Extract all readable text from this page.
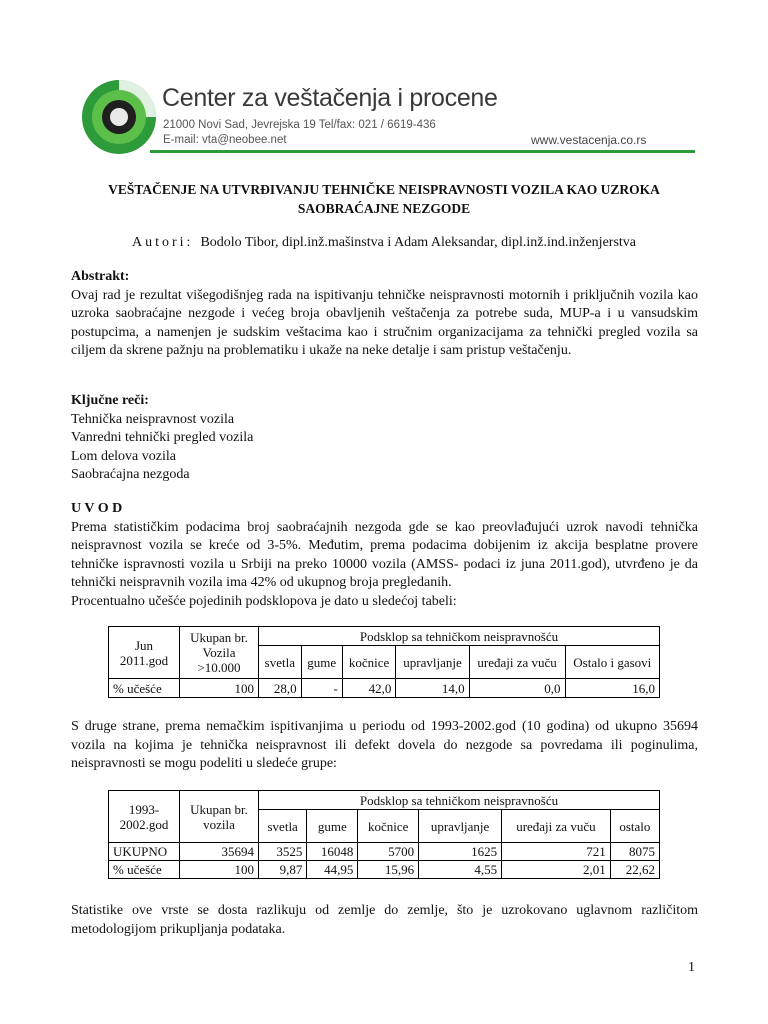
Center za veštačenja i procene
21000 Novi Sad, Jevrejska 19 Tel/fax: 021 / 6619-436
E-mail: vta@neobee.net	www.vestacenja.co.rs
VEŠTAČENJE NA UTVRĐIVANJU TEHNIČKE NEISPRAVNOSTI VOZILA KAO UZROKA
SAOBRAĆAJNE NEZGODE
Autori: Bodolo Tibor, dipl.inž.mašinstva i Adam Aleksandar, dipl.inž.ind.inženjerstva
Abstrakt:

Ovaj rad je rezultat višegodišnjeg rada na ispitivanju tehničke neispravnosti motornih i priključnih vozila kao uzroka saobraćajne nezgode i većeg broja obavljenih veštačenja za potrebe suda, MUP-a i u vansudskim postupcima, a namenjen je sudskim veštacima kao i stručnim organizacijama za tehnički pregled vozila sa ciljem da skrene pažnju na problematiku i ukaže na neke detalje i sam pristup veštačenju.

Ključne reči:
Tehnička neispravnost vozila
Vanredni tehnički pregled vozila
Lom delova vozila
Saobraćajna nezgoda
U V O D

Prema statističkim podacima broj saobraćajnih nezgoda gde se kao preovlađujući uzrok navodi tehnička neispravnost vozila se kreće od 3-5%. Međutim, prema podacima dobijenim iz akcija besplatne provere tehničke ispravnosti vozila u Srbiji na preko 10000 vozila (AMSS- podaci iz juna 2011.god), utvrđeno je da tehnički neispravnih vozila ima 42% od ukupnog broja pregledanih.

Procentualno učešće pojedinih podsklopova je dato u sledećoj tabeli:

Jun 2011.god	Ukupan br. Vozila >10.000	Podsklop sa tehničkom neispravnošću					
		svetla	gume	kočnice	upravljanje	uređaji za vuču	Ostalo i gasovi
% učešće	100	28,0	-	42,0	14,0	0,0	16,0

S druge strane, prema nemačkim ispitivanjima u periodu od 1993-2002.god (10 godina) od ukupno 35694 vozila na kojima je tehnička neispravnost ili defekt dovela do nezgode sa povredama ili poginulima, neispravnosti se mogu podeliti u sledeće grupe:

1993-2002.god	Ukupan br. vozila	Podsklop sa tehničkom neispravnošću					
		svetla	gume	kočnice	upravljanje	uređaji za vuču	ostalo
UKUPNO	35694	3525	16048	5700	1625	721	8075
% učešće	100	9,87	44,95	15,96	4,55	2,01	22,62

Statistike ove vrste se dosta razlikuju od zemlje do zemlje, što je uzrokovano uglavnom različitom metodologijom prikupljanja podataka.

1
